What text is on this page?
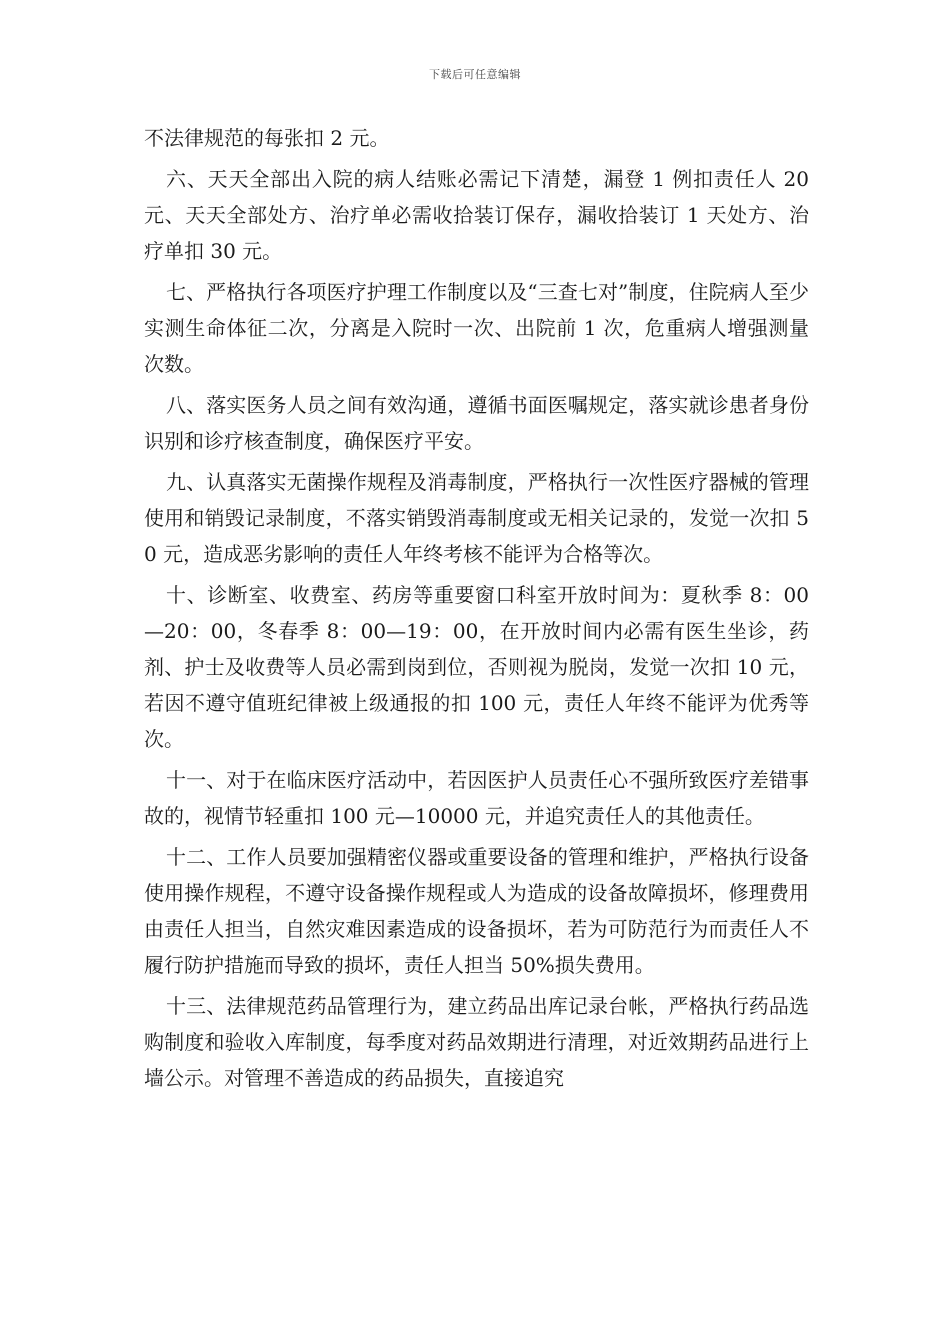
下载后可任意编辑

不法律规范的每张扣 2 元。

六、天天全部出入院的病人结账必需记下清楚，漏登 1 例扣责任人 20 元、天天全部处方、治疗单必需收拾装订保存，漏收拾装订 1 天处方、治疗单扣 30 元。

七、严格执行各项医疗护理工作制度以及“三查七对”制度，住院病人至少实测生命体征二次，分离是入院时一次、出院前 1 次，危重病人增强测量次数。

八、落实医务人员之间有效沟通，遵循书面医嘱规定，落实就诊患者身份识别和诊疗核查制度，确保医疗平安。

九、认真落实无菌操作规程及消毒制度，严格执行一次性医疗器械的管理使用和销毁记录制度，不落实销毁消毒制度或无相关记录的，发觉一次扣 50 元，造成恶劣影响的责任人年终考核不能评为合格等次。

十、诊断室、收费室、药房等重要窗口科室开放时间为：夏秋季 8：00—20：00，冬春季 8：00—19：00，在开放时间内必需有医生坐诊，药剂、护士及收费等人员必需到岗到位，否则视为脱岗，发觉一次扣 10 元，若因不遵守值班纪律被上级通报的扣 100 元，责任人年终不能评为优秀等次。

十一、对于在临床医疗活动中，若因医护人员责任心不强所致医疗差错事故的，视情节轻重扣 100 元—10000 元，并追究责任人的其他责任。

十二、工作人员要加强精密仪器或重要设备的管理和维护，严格执行设备使用操作规程，不遵守设备操作规程或人为造成的设备故障损坏，修理费用由责任人担当，自然灾难因素造成的设备损坏，若为可防范行为而责任人不履行防护措施而导致的损坏，责任人担当 50%损失费用。

十三、法律规范药品管理行为，建立药品出库记录台帐，严格执行药品选购制度和验收入库制度，每季度对药品效期进行清理，对近效期药品进行上墙公示。对管理不善造成的药品损失，直接追究
